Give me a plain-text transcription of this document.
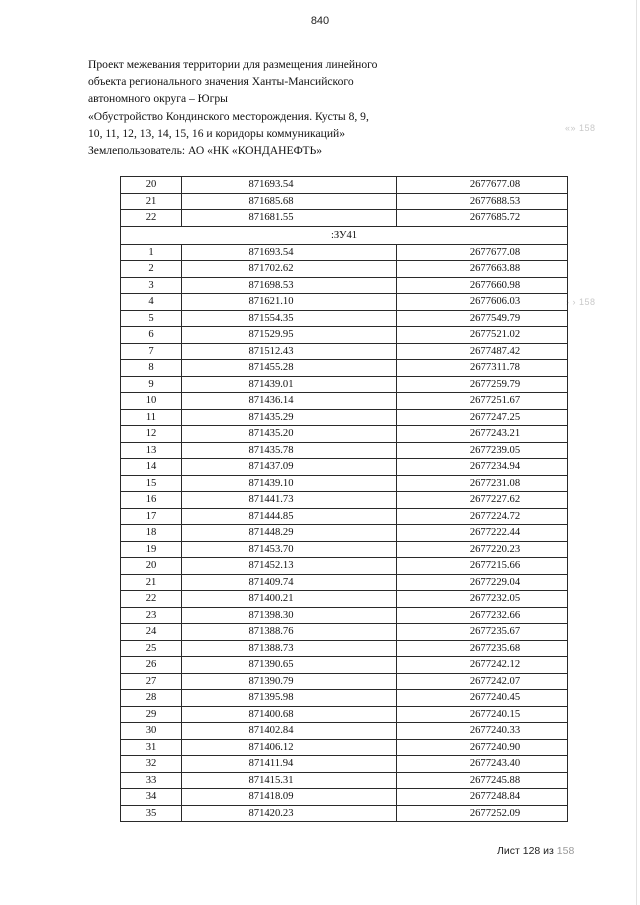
840
Проект межевания территории для размещения линейного
объекта регионального значения Ханты-Мансийского
автономного округа – Югры
«Обустройство Кондинского месторождения. Кусты 8, 9,
10, 11, 12, 13, 14, 15, 16 и коридоры коммуникаций»
Землепользователь: АО «НК «КОНДАНЕФТЬ»
«» 158
› › 158
20	871693.54	2677677.08
21	871685.68	2677688.53
22	871681.55	2677685.72
:ЗУ41		
1	871693.54	2677677.08
2	871702.62	2677663.88
3	871698.53	2677660.98
4	871621.10	2677606.03
5	871554.35	2677549.79
6	871529.95	2677521.02
7	871512.43	2677487.42
8	871455.28	2677311.78
9	871439.01	2677259.79
10	871436.14	2677251.67
11	871435.29	2677247.25
12	871435.20	2677243.21
13	871435.78	2677239.05
14	871437.09	2677234.94
15	871439.10	2677231.08
16	871441.73	2677227.62
17	871444.85	2677224.72
18	871448.29	2677222.44
19	871453.70	2677220.23
20	871452.13	2677215.66
21	871409.74	2677229.04
22	871400.21	2677232.05
23	871398.30	2677232.66
24	871388.76	2677235.67
25	871388.73	2677235.68
26	871390.65	2677242.12
27	871390.79	2677242.07
28	871395.98	2677240.45
29	871400.68	2677240.15
30	871402.84	2677240.33
31	871406.12	2677240.90
32	871411.94	2677243.40
33	871415.31	2677245.88
34	871418.09	2677248.84
35	871420.23	2677252.09
Лист 128 из 158
